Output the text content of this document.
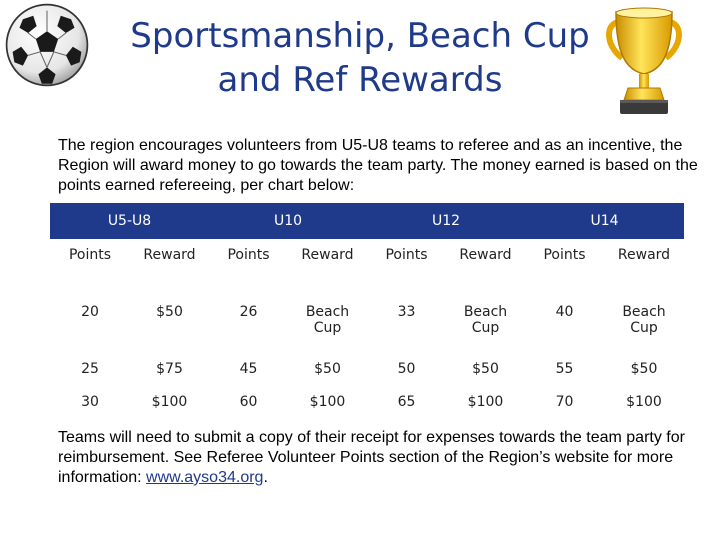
Sportsmanship, Beach Cup
and Ref Rewards
The region encourages volunteers from U5-U8 teams to referee and as an incentive, the Region will award money to go towards the team party. The money earned is based on the points earned refereeing, per chart below:
U5-U8		U10		U12		U14	
Points	Reward	Points	Reward	Points	Reward	Points	Reward
20	$50	26	Beach Cup	33	Beach Cup	40	Beach Cup
25	$75	45	$50	50	$50	55	$50
30	$100	60	$100	65	$100	70	$100
Teams will need to submit a copy of their receipt for expenses towards the team party for reimbursement. See Referee Volunteer Points section of the Region’s website for more information: www.ayso34.org.
